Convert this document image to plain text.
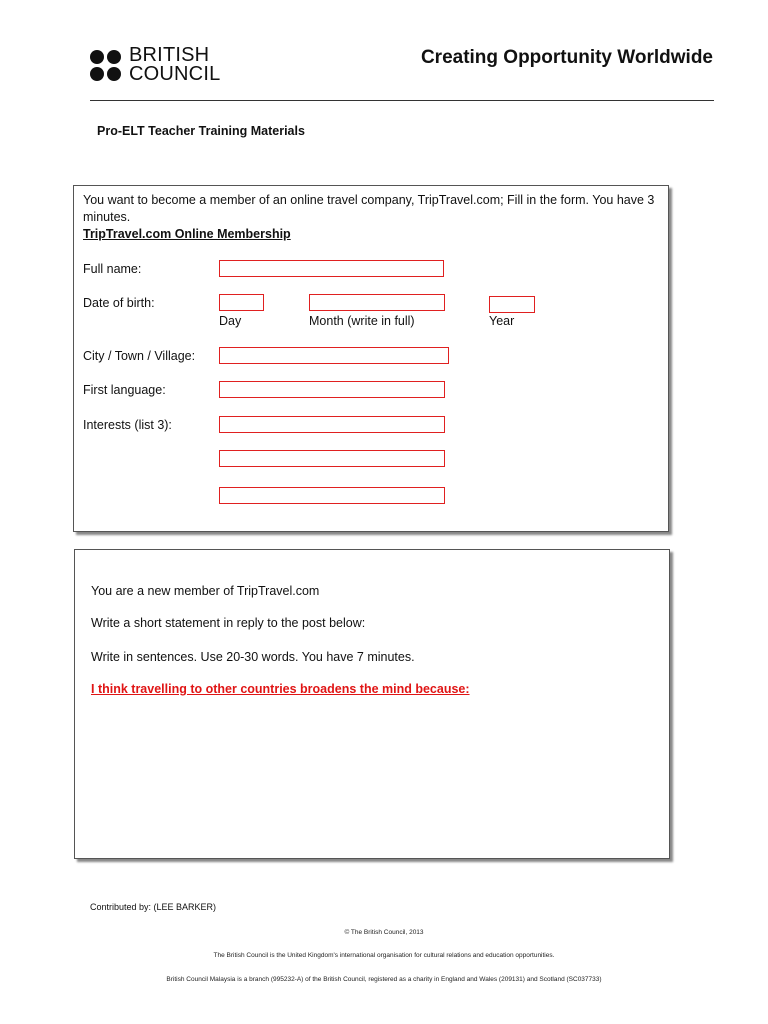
BRITISH
COUNCIL
Creating Opportunity Worldwide
Pro-ELT Teacher Training Materials
You want to become a member of an online travel company, TripTravel.com; Fill in the form. You have 3 minutes.
TripTravel.com Online Membership
Full name:
Date of birth:
Day	Month (write in full)	Year
City / Town / Village:
First language:
Interests (list 3):
You are a new member of TripTravel.com
Write a short statement in reply to the post below:
Write in sentences. Use 20-30 words. You have 7 minutes.
I think travelling to other countries broadens the mind because:
Contributed by: (LEE BARKER)
© The British Council, 2013
The British Council is the United Kingdom's international organisation for cultural relations and education opportunities.
British Council Malaysia is a branch (995232-A) of the British Council, registered as a charity in England and Wales (209131) and Scotland (SC037733)
